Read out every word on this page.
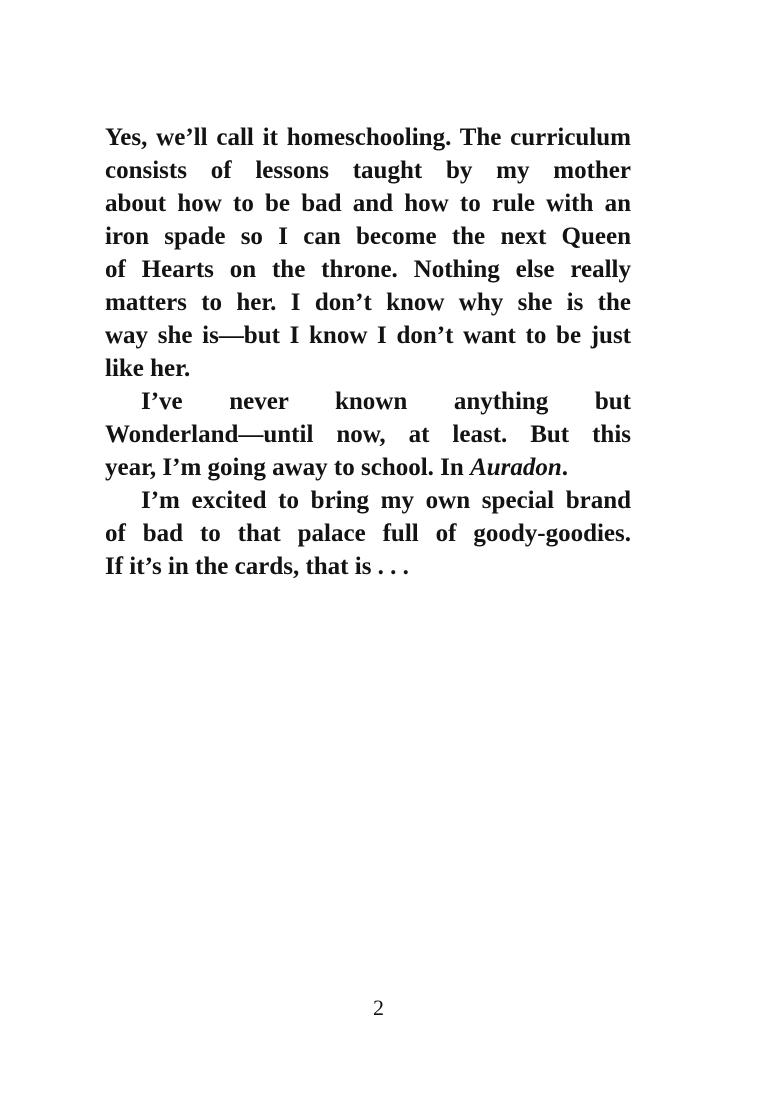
Yes, we’ll call it homeschooling. The curriculum
consists of lessons taught by my mother
about how to be bad and how to rule with an
iron spade so I can become the next Queen
of Hearts on the throne. Nothing else really
matters to her. I don’t know why she is the
way she is—but I know I don’t want to be just
like her.
I’ve never known anything but
Wonderland—until now, at least. But this
year, I’m going away to school. In Auradon.
I’m excited to bring my own special brand
of bad to that palace full of goody-goodies.
If it’s in the cards, that is . . .
2
